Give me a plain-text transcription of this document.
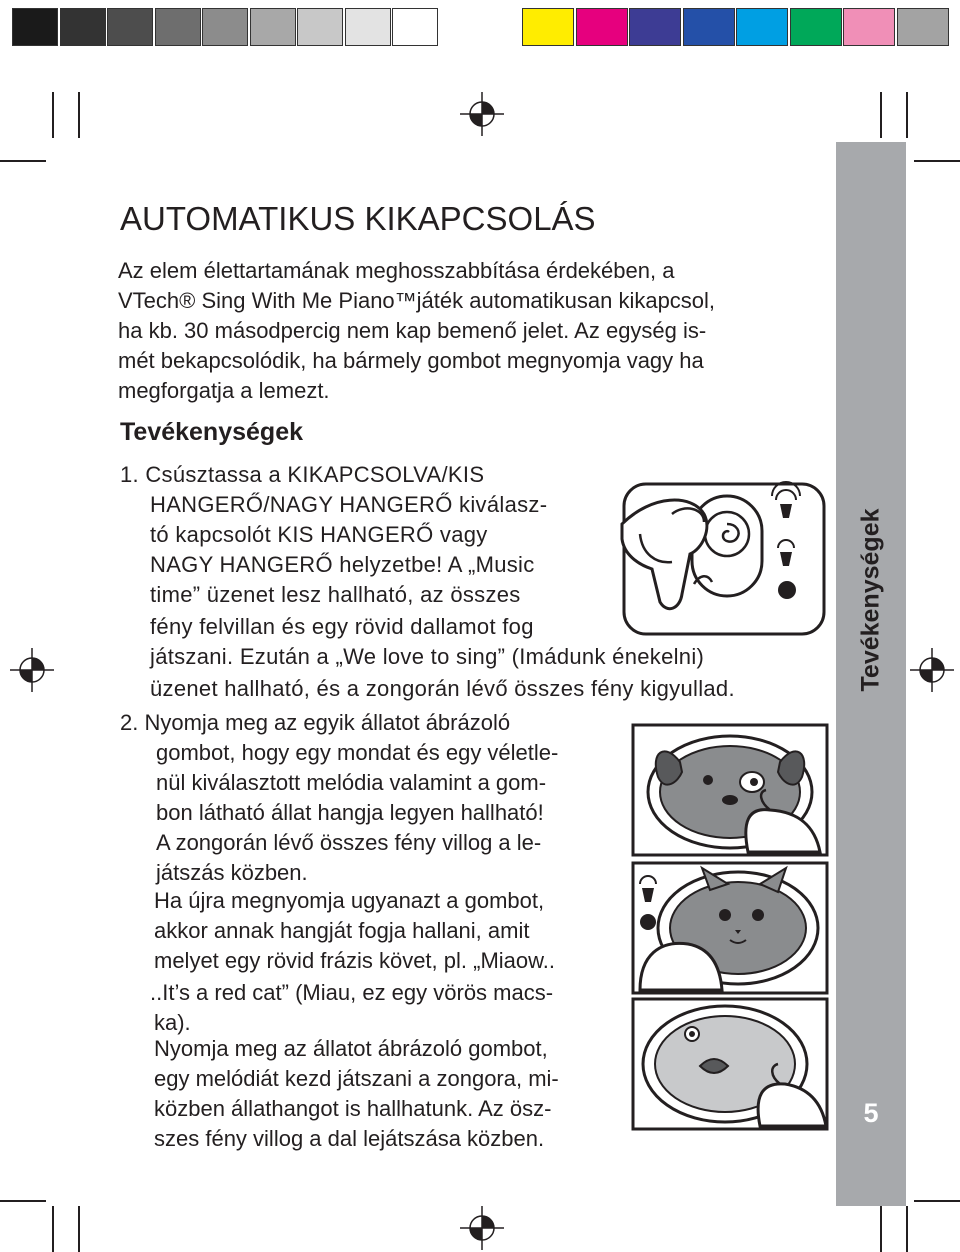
Tevékenységek
5
AUTOMATIKUS KIKAPCSOLÁS
Az elem élettartamának meghosszabbítása érdekében, a
VTech® Sing With Me Piano™játék automatikusan kikapcsol,
ha kb. 30 másodpercig nem kap bemenő jelet. Az egység is-
mét bekapcsolódik, ha bármely gombot megnyomja vagy ha
megforgatja a lemezt.
Tevékenységek
1. Csúsztassa a KIKAPCSOLVA/KIS
HANGERŐ/NAGY HANGERŐ kiválasz-
tó kapcsolót KIS HANGERŐ vagy
NAGY HANGERŐ helyzetbe! A „Music
time” üzenet lesz hallható, az összes
fény felvillan és egy rövid dallamot fog
játszani. Ezután a „We love to sing” (Imádunk énekelni)
üzenet hallható, és a zongorán lévő összes fény kigyullad.
2. Nyomja meg az egyik állatot ábrázoló
gombot, hogy egy mondat és egy véletle-
nül kiválasztott melódia valamint a gom-
bon látható állat hangja legyen hallható!
A zongorán lévő összes fény villog a le-
játszás közben.
Ha újra megnyomja ugyanazt a gombot,
akkor annak hangját fogja hallani, amit
melyet egy rövid frázis követ, pl. „Miaow..
..It’s a red cat” (Miau, ez egy vörös macs-
ka).
Nyomja meg az állatot ábrázoló gombot,
egy melódiát kezd játszani a zongora, mi-
közben állathangot is hallhatunk. Az ösz-
szes fény villog a dal lejátszása közben.
